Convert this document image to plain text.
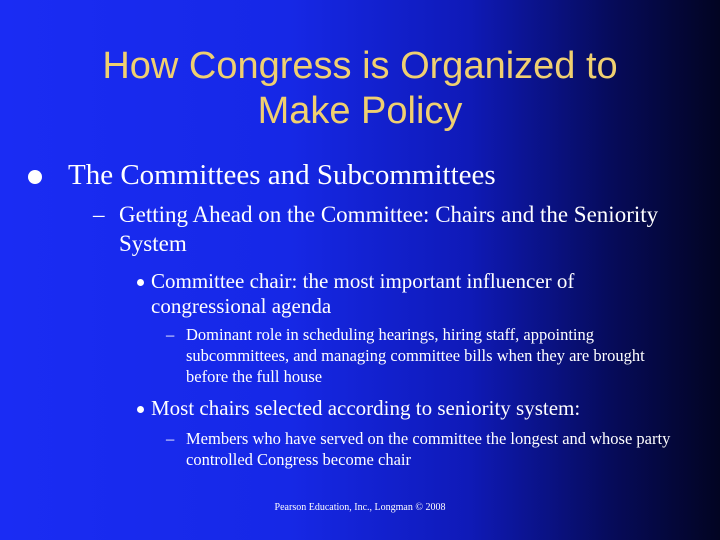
How Congress is Organized to
Make Policy
The Committees and Subcommittees
– Getting Ahead on the Committee: Chairs and the Seniority System
Committee chair: the most important influencer of congressional agenda
– Dominant role in scheduling hearings, hiring staff, appointing subcommittees, and managing committee bills when they are brought before the full house
Most chairs selected according to seniority system:
– Members who have served on the committee the longest and whose party controlled Congress become chair
Pearson Education, Inc., Longman © 2008
